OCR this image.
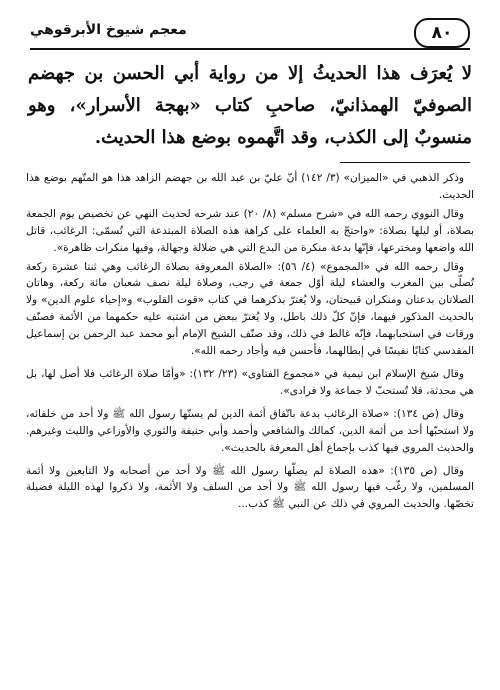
٨٠
معجم شيوخ الأبرقوهي
لا يُعرَف هذا الحديثُ إلا من رواية أبي الحسن بن جهضم الصوفيّ الهمذانيّ، صاحبِ كتاب «بهجة الأسرار»، وهو منسوبٌ إلى الكذب، وقد اتَّهموه بوضع هذا الحديث.

وذكر الذهبي في «الميزان» (٣/ ١٤٢) أنّ عليّ بن عبد الله بن جهضم الزاهد هذا هو المتّهم بوضع هذا الحديث.

وقال النووي رحمه الله في «شرح مسلم» (٨/ ٢٠) عند شرحه لحديث النهي عن تخصيص يوم الجمعة بصلاة، أو ليلها بصلاة: «واحتجّ به العلماء على كراهة هذه الصلاة المبتدعة التي تُسمّى: الرغائب، قاتل الله واضعها ومخترعها، فإنّها بدعة منكرة من البدع التي هي ضلالة وجهالة، وفيها منكرات ظاهرة».

وقال رحمه الله في «المجموع» (٤/ ٥٦): «الصلاة المعروفة بصلاة الرغائب وهي ثنتا عشرة ركعة تُصلّى بين المغرب والعشاء ليلة أوّل جمعة في رجب، وصلاة ليلة نصف شعبان مائة ركعة، وهاتان الصلاتان بدعتان ومنكران قبيحتان، ولا يُغترّ بذكرهما في كتاب «قوت القلوب» و«إحياء علوم الدين» ولا بالحديث المذكور فيهما، فإنّ كلّ ذلك باطل، ولا يُغترّ ببعض من اشتبه عليه حكمهما من الأئمة فصنّف ورقات في استحبابهما، فإنّه غالط في ذلك، وقد صنّف الشيخ الإمام أبو محمد عبد الرحمن بن إسماعيل المقدسي كتابًا نفيسًا في إبطالهما، فأحسن فيه وأجاد رحمه الله».

وقال شيخ الإسلام ابن تيمية في «مجموع الفتاوى» (٢٣/ ١٣٢): «وأمّا صلاة الرغائب فلا أصل لها، بل هي محدثة، فلا تُستحبّ لا جماعة ولا فرادى».

وقال (ص ١٣٤): «صلاة الرغائب بدعة باتّفاق أئمة الدين لم يسنّها رسول الله ﷺ ولا أحد من خلفائه، ولا استحبّها أحد من أئمة الدين، كمالك والشافعي وأحمد وأبي حنيفة والثوري والأوزاعي والليث وغيرهم. والحديث المروي فيها كذب بإجماع أهل المعرفة بالحديث».

وقال (ص ١٣٥): «هذه الصلاة لم يصلّها رسول الله ﷺ ولا أحد من أصحابه ولا التابعين ولا أئمة المسلمين، ولا رغّب فيها رسول الله ﷺ ولا أحد من السلف ولا الأئمة، ولا ذكروا لهذه الليلة فضيلة تخصّها. والحديث المروي في ذلك عن النبي ﷺ كذب...
